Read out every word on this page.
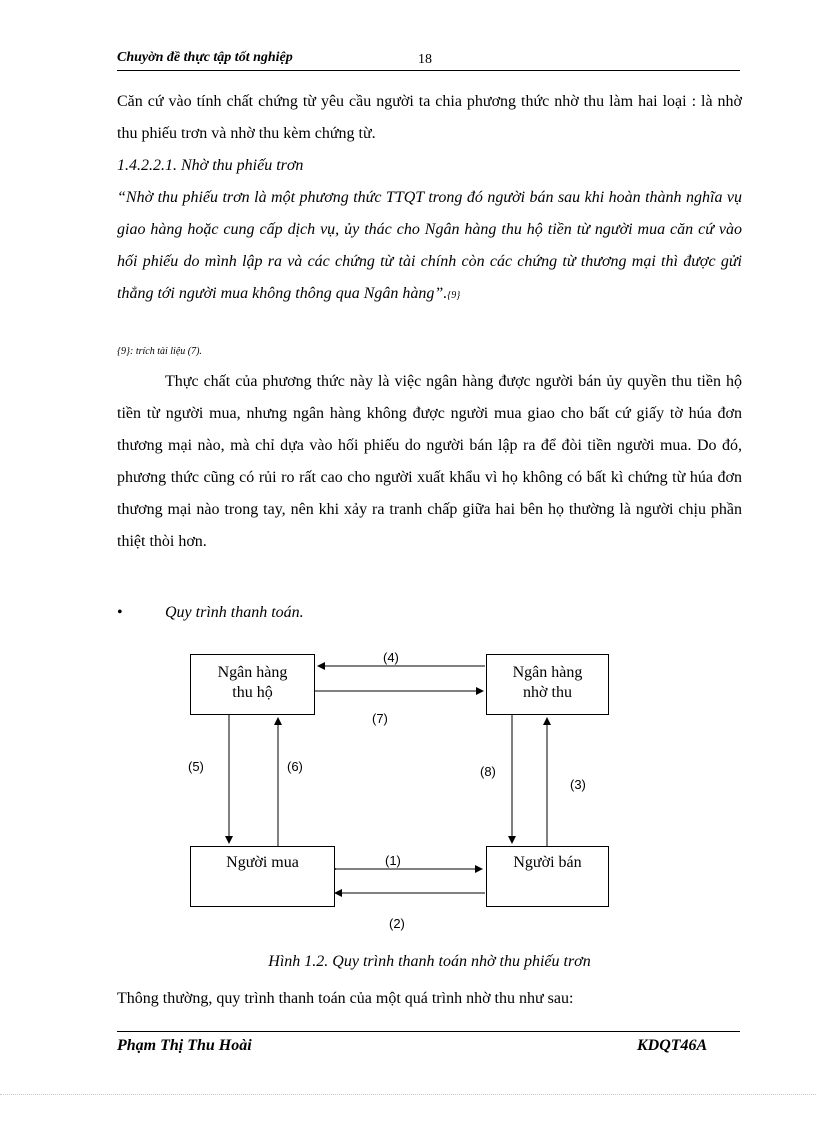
Chuyờn đề thực tập tốt nghiệp	18
Căn cứ vào tính chất chứng từ yêu cầu người ta chia phương thức nhờ thu làm hai loại : là nhờ thu phiếu trơn và nhờ thu kèm chứng từ.
1.4.2.2.1. Nhờ thu phiếu trơn
“Nhờ thu phiếu trơn là một phương thức TTQT trong đó người bán sau khi hoàn thành nghĩa vụ giao hàng hoặc cung cấp dịch vụ, ủy thác cho Ngân hàng thu hộ tiền từ người mua căn cứ vào hối phiếu do mình lập ra và các chứng từ tài chính còn các chứng từ thương mại thì được gửi thẳng tới người mua không thông qua Ngân hàng”.{9}
{9}: trích tài liệu (7).
Thực chất của phương thức này là việc ngân hàng được người bán ủy quyền thu tiền hộ tiền từ người mua, nhưng ngân hàng không được người mua giao cho bất cứ giấy tờ húa đơn thương mại nào, mà chỉ dựa vào hối phiếu do người bán lập ra để đòi tiền người mua. Do đó, phương thức cũng có rủi ro rất cao cho người xuất khẩu vì họ không có bất kì chứng từ húa đơn thương mại nào trong tay, nên khi xảy ra tranh chấp giữa hai bên họ thường là người chịu phần thiệt thòi hơn.
•	Quy trình thanh toán.
Ngân hàng
thu hộ
Ngân hàng
nhờ thu
Người mua	Người bán
(4)
(7)
(5)	(6)	(8)
(3)
(1)
(2)
Hình 1.2. Quy trình thanh toán nhờ thu phiếu trơn
Thông thường, quy trình thanh toán của một quá trình nhờ thu như sau:
Phạm Thị Thu Hoài	KDQT46A
